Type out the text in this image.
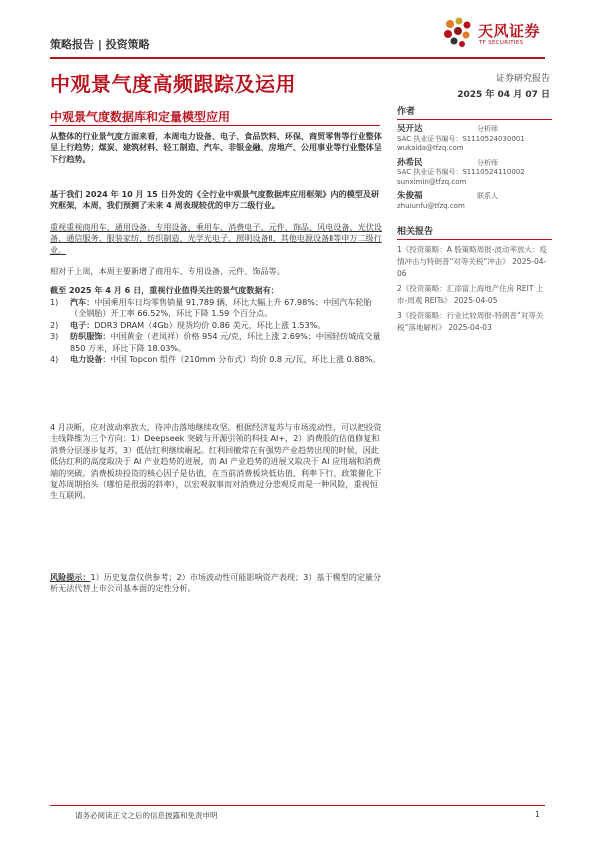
策略报告 | 投资策略
天风证券
TF SECURITIES
中观景气度高频跟踪及运用	证券研究报告
2025 年 04 月 07 日
中观景气度数据库和定量模型应用
从整体的行业景气度方面来看，本周电力设备、电子、食品饮料、环保、商贸零售等行业整体呈上行趋势；煤炭、建筑材料、轻工制造、汽车、非银金融、房地产、公用事业等行业整体呈下行趋势。
基于我们 2024 年 10 月 15 日外发的《全行业中观景气度数据库应用框架》内的模型及研究框架，本周，我们预测了未来 4 周表现较优的申万二级行业。
重视重视商用车、通用设备、专用设备、乘用车、消费电子、元件、饰品、风电设备、光伏设备、通信服务、服装家纺、纺织制造、光学光电子、照明设备Ⅱ、其他电源设备Ⅱ等申万二级行业。
相对于上周，本周主要新增了商用车、专用设备、元件、饰品等。
截至 2025 年 4 月 6 日，重视行业值得关注的景气度数据有：
1) 汽车：中国乘用车日均零售销量 91,789 辆，环比大幅上升 67.98%；中国汽车轮胎（全钢胎）开工率 66.52%，环比下降 1.59 个百分点。
2) 电子：DDR3 DRAM（4Gb）现货均价 0.86 美元，环比上涨 1.53%。
3) 纺织服饰：中国黄金（老凤祥）价格 954 元/克，环比上涨 2.69%；中国轻纺城成交量 850 万米，环比下降 18.03%。
4) 电力设备：中国 Topcon 组件（210mm 分布式）均价 0.8 元/瓦，环比上涨 0.88%。
4 月决断，应对波动率放大，待冲击落地继续攻坚。根据经济复苏与市场流动性，可以把投资主线降维为三个方向：1）Deepseek 突破与开源引领的科技 AI+，2）消费股的估值修复和消费分层逐步复苏，3）低估红利继续崛起。红利回撤常在有强势产业趋势出现的时候，因此低估红利的高度取决于 AI 产业趋势的进展，而 AI 产业趋势的进展又取决于 AI 应用端和消费端的突破。消费板块投资的核心因子是估值，在当前消费板块低估值、利率下行、政策催化下复苏周期抬头（哪怕是很弱的斜率），以宏观叙事而对消费过分悲观反而是一种风险，重视恒生互联网。
风险提示：1）历史复盘仅供参考；2）市场波动性可能影响资产表现；3）基于模型的定量分析无法代替上市公司基本面的定性分析。
作者
吴开达	分析师
SAC 执业证书编号：S1110524030001
wukaida@tfzq.com
孙希民	分析师
SAC 执业证书编号：S1110524110002
sunximin@tfzq.com
朱俊福	联系人
zhuiunfu@tfzq.com
相关报告
1《投资策略：A 股策略周报-波动率放大：疫情冲击与特朗普“对等关税”冲击》 2025-04-06
2《投资策略：汇添富上海地产住房 REIT 上市-周观 REITs》 2025-04-05
3《投资策略：行业比较周报-特朗普“对等关税”落地解析》 2025-04-03
请务必阅读正文之后的信息披露和免责申明	1
